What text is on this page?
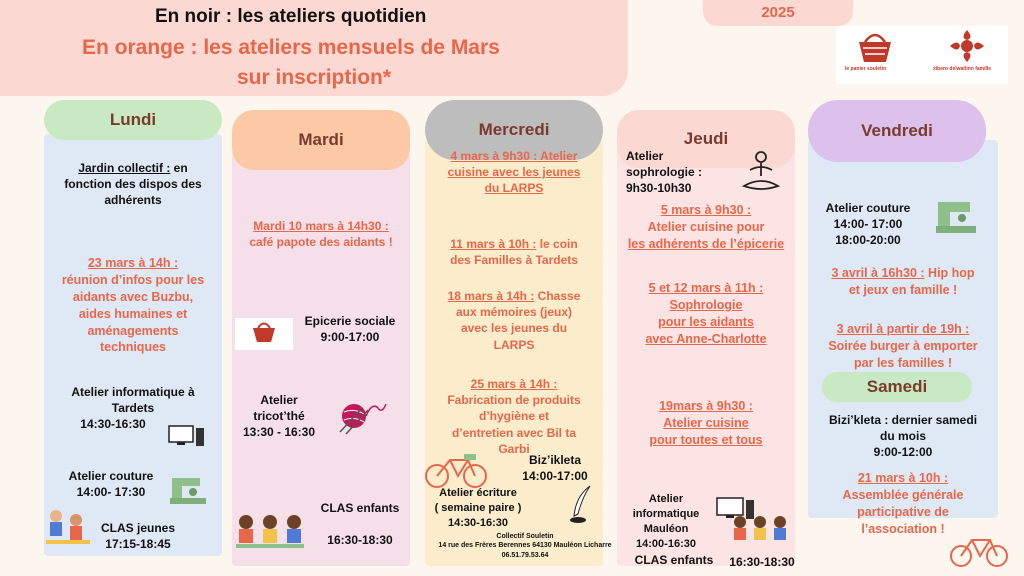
En noir : les ateliers quotidien
En orange : les ateliers mensuels de Mars
sur inscription*
2025
le panier souletin	xibero delwatlinn famille
Lundi
Mardi
Mercredi	Jeudi	Vendredi
Samedi
Jardin collectif : en
fonction des dispos des
adhérents
23 mars à 14h :
réunion d’infos pour les
aidants avec Buzbu,
aides humaines et
aménagements
techniques
Atelier informatique à
Tardets
14:30-16:30
Atelier couture
14:00- 17:30
CLAS jeunes
17:15-18:45
Mardi 10 mars à 14h30 :
café papote des aidants !
Epicerie sociale
9:00-17:00
Atelier
tricot’thé
13:30 - 16:30
CLAS enfants
16:30-18:30
4 mars à 9h30 : Atelier
cuisine avec les jeunes
du LARPS
11 mars à 10h : le coin
des Familles à Tardets
18 mars à 14h : Chasse
aux mémoires (jeux)
avec les jeunes du
LARPS
25 mars à 14h :
Fabrication de produits
d’hygiène et
d’entretien avec Bil ta
Garbi
Biz’ikleta
14:00-17:00
Atelier écriture
( semaine paire )
14:30-16:30
Collectif Souletin
14 rue des Frères Berennes 64130 Mauléon Licharre
06.51.79.53.64
Atelier
sophrologie :
9h30-10h30
5 mars à 9h30 :
Atelier cuisine pour
les adhérents de l’épicerie
5 et 12 mars à 11h :
Sophrologie
pour les aidants
avec Anne-Charlotte
19mars à 9h30 :
Atelier cuisine
pour toutes et tous
Atelier
informatique
Mauléon
14:00-16:30
CLAS enfants	16:30-18:30
Atelier couture
14:00- 17:00
18:00-20:00
3 avril à 16h30 : Hip hop
et jeux en famille !
3 avril à partir de 19h :
Soirée burger à emporter
par les familles !
Bizi’kleta : dernier samedi
du mois
9:00-12:00
21 mars à 10h :
Assemblée générale
participative de
l’association !
